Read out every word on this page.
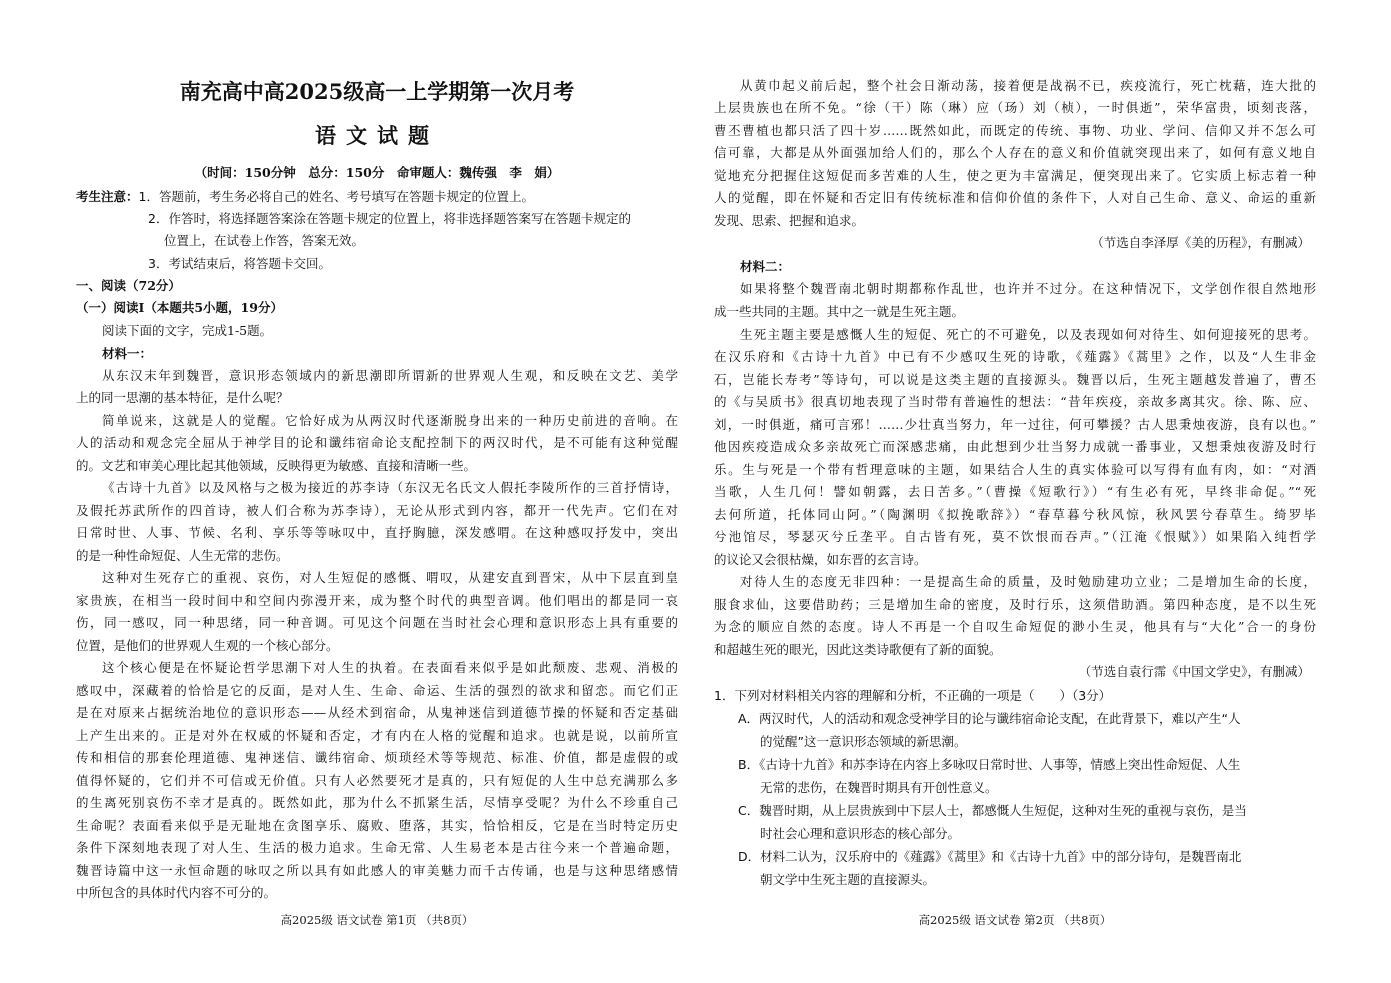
南充高中高2025级高一上学期第一次月考
语文试题
（时间：150分钟　总分：150分　命审题人：魏传强　李　娟）
考生注意：1．答题前，考生务必将自己的姓名、考号填写在答题卡规定的位置上。
2．作答时，将选择题答案涂在答题卡规定的位置上，将非选择题答案写在答题卡规定的
位置上，在试卷上作答，答案无效。
3．考试结束后，将答题卡交回。
一、阅读（72分）
（一）阅读Ⅰ（本题共5小题，19分）
阅读下面的文字，完成1-5题。
材料一：
从东汉末年到魏晋，意识形态领域内的新思潮即所谓新的世界观人生观，和反映在文艺、美学
上的同一思潮的基本特征，是什么呢？
简单说来，这就是人的觉醒。它恰好成为从两汉时代逐渐脱身出来的一种历史前进的音响。在
人的活动和观念完全屈从于神学目的论和谶纬宿命论支配控制下的两汉时代，是不可能有这种觉醒
的。文艺和审美心理比起其他领域，反映得更为敏感、直接和清晰一些。
《古诗十九首》以及风格与之极为接近的苏李诗（东汉无名氏文人假托李陵所作的三首抒情诗，
及假托苏武所作的四首诗，被人们合称为苏李诗），无论从形式到内容，都开一代先声。它们在对
日常时世、人事、节候、名利、享乐等等咏叹中，直抒胸臆，深发感喟。在这种感叹抒发中，突出
的是一种性命短促、人生无常的悲伤。
这种对生死存亡的重视、哀伤，对人生短促的感慨、喟叹，从建安直到晋宋，从中下层直到皇
家贵族，在相当一段时间中和空间内弥漫开来，成为整个时代的典型音调。他们唱出的都是同一哀
伤，同一感叹，同一种思绪，同一种音调。可见这个问题在当时社会心理和意识形态上具有重要的
位置，是他们的世界观人生观的一个核心部分。
这个核心便是在怀疑论哲学思潮下对人生的执着。在表面看来似乎是如此颓废、悲观、消极的
感叹中，深藏着的恰恰是它的反面，是对人生、生命、命运、生活的强烈的欲求和留恋。而它们正
是在对原来占据统治地位的意识形态——从经术到宿命，从鬼神迷信到道德节操的怀疑和否定基础
上产生出来的。正是对外在权威的怀疑和否定，才有内在人格的觉醒和追求。也就是说，以前所宣
传和相信的那套伦理道德、鬼神迷信、谶纬宿命、烦琐经术等等规范、标准、价值，都是虚假的或
值得怀疑的，它们并不可信或无价值。只有人必然要死才是真的，只有短促的人生中总充满那么多
的生离死别哀伤不幸才是真的。既然如此，那为什么不抓紧生活，尽情享受呢？为什么不珍重自己
生命呢？表面看来似乎是无耻地在贪图享乐、腐败、堕落，其实，恰恰相反，它是在当时特定历史
条件下深刻地表现了对人生、生活的极力追求。生命无常、人生易老本是古往今来一个普遍命题，
魏晋诗篇中这一永恒命题的咏叹之所以具有如此感人的审美魅力而千古传诵，也是与这种思绪感情
中所包含的具体时代内容不可分的。
高2025级 语文试卷 第1页 （共8页）
从黄巾起义前后起，整个社会日渐动荡，接着便是战祸不已，疾疫流行，死亡枕藉，连大批的
上层贵族也在所不免。“徐（干）陈（琳）应（玚）刘（桢），一时俱逝”，荣华富贵，顷刻丧落，
曹丕曹植也都只活了四十岁……既然如此，而既定的传统、事物、功业、学问、信仰又并不怎么可
信可靠，大都是从外面强加给人们的，那么个人存在的意义和价值就突现出来了，如何有意义地自
觉地充分把握住这短促而多苦难的人生，使之更为丰富满足，便突现出来了。它实质上标志着一种
人的觉醒，即在怀疑和否定旧有传统标准和信仰价值的条件下，人对自己生命、意义、命运的重新
发现、思索、把握和追求。
（节选自李泽厚《美的历程》，有删减）
材料二：
如果将整个魏晋南北朝时期都称作乱世，也许并不过分。在这种情况下，文学创作很自然地形
成一些共同的主题。其中之一就是生死主题。
生死主题主要是感慨人生的短促、死亡的不可避免，以及表现如何对待生、如何迎接死的思考。
在汉乐府和《古诗十九首》中已有不少感叹生死的诗歌，《薤露》《蒿里》之作，以及“人生非金
石，岂能长寿考”等诗句，可以说是这类主题的直接源头。魏晋以后，生死主题越发普遍了，曹丕
的《与吴质书》很真切地表现了当时带有普遍性的想法：“昔年疾疫，亲故多离其灾。徐、陈、应、
刘，一时俱逝，痛可言邪！……少壮真当努力，年一过往，何可攀援？古人思秉烛夜游，良有以也。”
他因疾疫造成众多亲故死亡而深感悲痛，由此想到少壮当努力成就一番事业，又想秉烛夜游及时行
乐。生与死是一个带有哲理意味的主题，如果结合人生的真实体验可以写得有血有肉，如：“对酒
当歌，人生几何！譬如朝露，去日苦多。”（曹操《短歌行》）“有生必有死，早终非命促。”“死
去何所道，托体同山阿。”（陶渊明《拟挽歌辞》）“春草暮兮秋风惊，秋风罢兮春草生。绮罗毕
兮池馆尽，琴瑟灭兮丘垄平。自古皆有死，莫不饮恨而吞声。”（江淹《恨赋》）如果陷入纯哲学
的议论又会很枯燥，如东晋的玄言诗。
对待人生的态度无非四种：一是提高生命的质量，及时勉励建功立业；二是增加生命的长度，
服食求仙，这要借助药；三是增加生命的密度，及时行乐，这须借助酒。第四种态度，是不以生死
为念的顺应自然的态度。诗人不再是一个自叹生命短促的渺小生灵，他具有与“大化”合一的身份
和超越生死的眼光，因此这类诗歌便有了新的面貌。
（节选自袁行霈《中国文学史》，有删减）
1．下列对材料相关内容的理解和分析，不正确的一项是（　　）（3分）
A．两汉时代，人的活动和观念受神学目的论与谶纬宿命论支配，在此背景下，难以产生“人
的觉醒”这一意识形态领域的新思潮。
B．《古诗十九首》和苏李诗在内容上多咏叹日常时世、人事等，情感上突出性命短促、人生
无常的悲伤，在魏晋时期具有开创性意义。
C．魏晋时期，从上层贵族到中下层人士，都感慨人生短促，这种对生死的重视与哀伤，是当
时社会心理和意识形态的核心部分。
D．材料二认为，汉乐府中的《薤露》《蒿里》和《古诗十九首》中的部分诗句，是魏晋南北
朝文学中生死主题的直接源头。
高2025级 语文试卷 第2页 （共8页）
